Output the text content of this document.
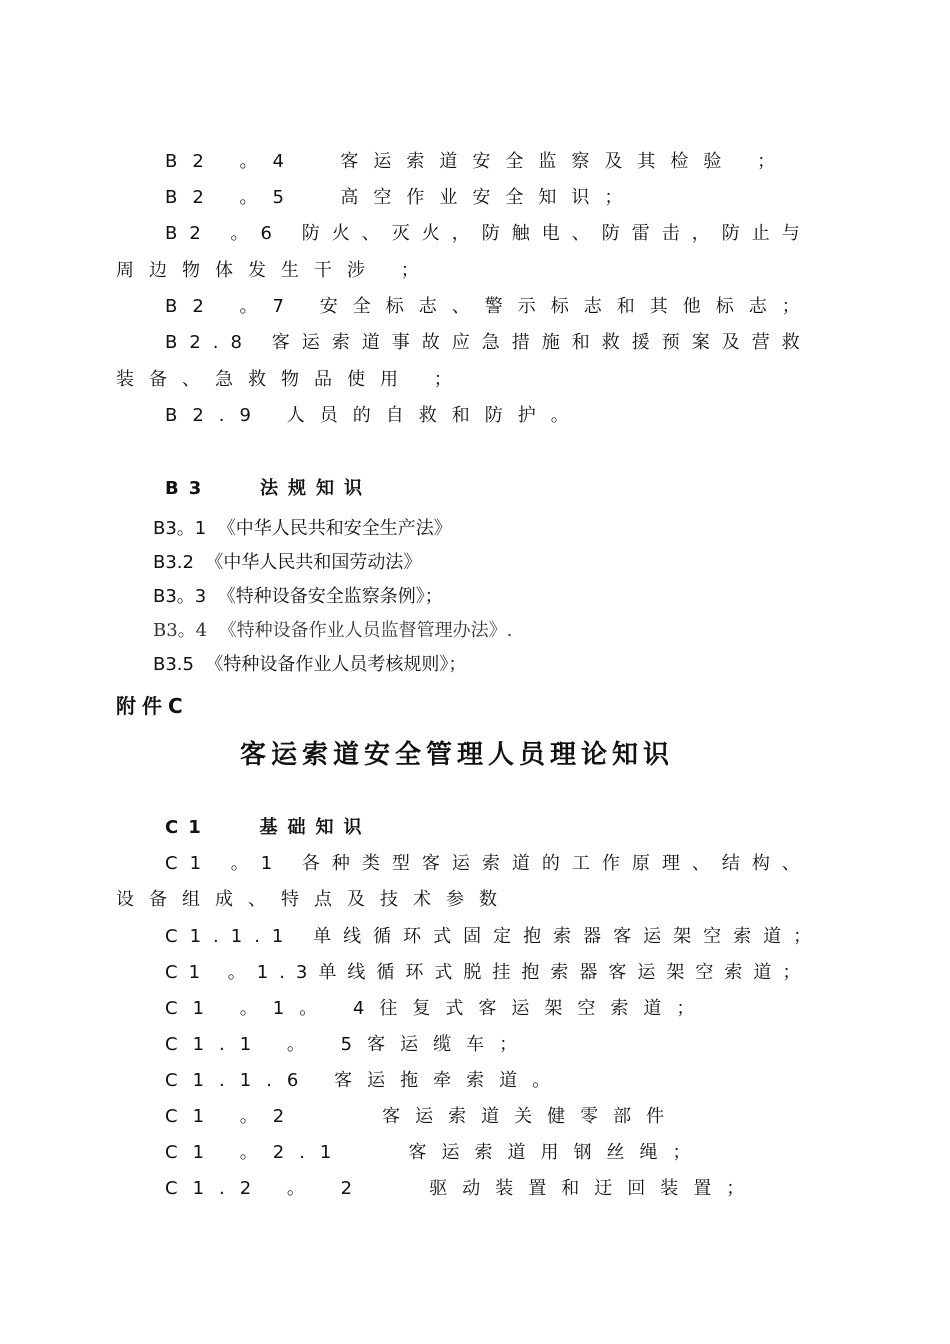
B2 。4  客运索道安全监察及其检验 ；
B2 。5  高空作业安全知识；
B2 。6 防火、灭火，防触电、防雷击，防止与
周边物体发生干涉 ；
B2 。7 安全标志、警示标志和其他标志；
B2.8 客运索道事故应急措施和救援预案及营救
装备、急救物品使用 ；
B2.9 人员的自救和防护。
B3   法规知识
B3。1  《中华人民共和安全生产法》
B3.2  《中华人民共和国劳动法》
B3。3  《特种设备安全监察条例》；
B3。4  《特种设备作业人员监督管理办法》.
B3.5  《特种设备作业人员考核规则》；
附件C
客运索道安全管理人员理论知识
C1   基础知识
C1 。1 各种类型客运索道的工作原理、结构、
设备组成、特点及技术参数
C1.1.1 单线循环式固定抱索器客运架空索道；
C1 。1.3单线循环式脱挂抱索器客运架空索道；
C1 。1。 4往复式客运架空索道；
C1.1 。 5客运缆车；
C1.1.6 客运拖牵索道。
C1 。2    客运索道关健零部件
C1 。2.1   客运索道用钢丝绳；
C1.2 。 2   驱动装置和迂回装置；
